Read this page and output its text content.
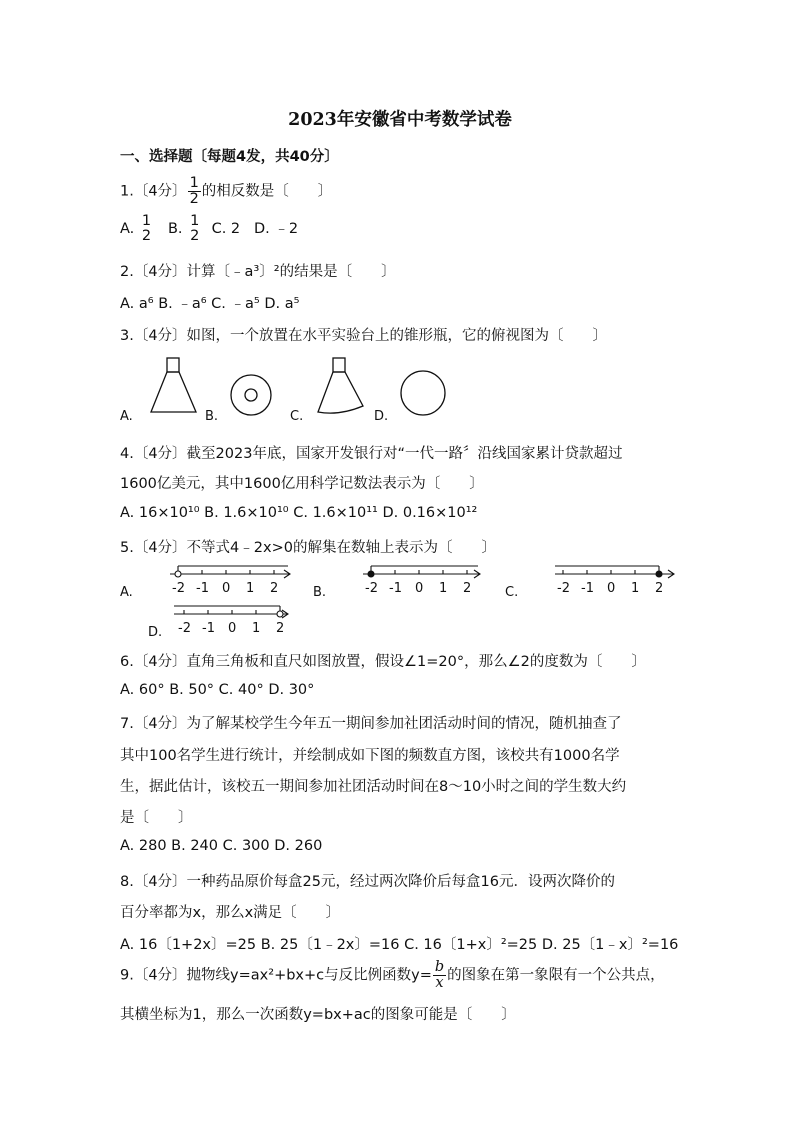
2023年安徽省中考数学试卷
一、选择题〔每题4发，共40分〕
1.〔4分〕 $\frac{1}{2}$ 的相反数是〔　　〕
A. 1
2 B. 1
2 C. 2 D. ﹣2
2.〔4分〕计算〔﹣a³〕²的结果是〔　　〕
A. a⁶ B. ﹣a⁶ C. ﹣a⁵ D. a⁵
3.〔4分〕如图，一个放置在水平实验台上的锥形瓶，它的俯视图为〔　　〕
A.	B.	C.	D.
4.〔4分〕截至2023年底，国家开发银行对“一代一路〞沿线国家累计贷款超过
1600亿美元，其中1600亿用科学记数法表示为〔　　〕
A. 16×10¹⁰ B. 1.6×10¹⁰ C. 1.6×10¹¹ D. 0.16×10¹²
5.〔4分〕不等式4﹣2x>0的解集在数轴上表示为〔　　〕
A.	-2 -1 0 1 2	B.	-2 -1 0 1 2	C.	-2 -1 0 1 2
D. -2 -1 0 1 2
6.〔4分〕直角三角板和直尺如图放置，假设∠1=20°，那么∠2的度数为〔　　〕
A. 60° B. 50° C. 40° D. 30°
7.〔4分〕为了解某校学生今年五一期间参加社团活动时间的情况，随机抽查了
其中100名学生进行统计，并绘制成如下图的频数直方图，该校共有1000名学
生，据此估计，该校五一期间参加社团活动时间在8～10小时之间的学生数大约
是〔　　〕
A. 280 B. 240 C. 300 D. 260
8.〔4分〕一种药品原价每盒25元，经过两次降价后每盒16元．设两次降价的
百分率都为x，那么x满足〔　　〕
A. 16〔1+2x〕=25 B. 25〔1﹣2x〕=16 C. 16〔1+x〕²=25 D. 25〔1﹣x〕²=16
9.〔4分〕抛物线y=ax²+bx+c与反比例函数$y= \frac{b}{x}$ 的图象在第一象限有一个公共点，
其横坐标为1，那么一次函数y=bx+ac的图象可能是〔　　〕
